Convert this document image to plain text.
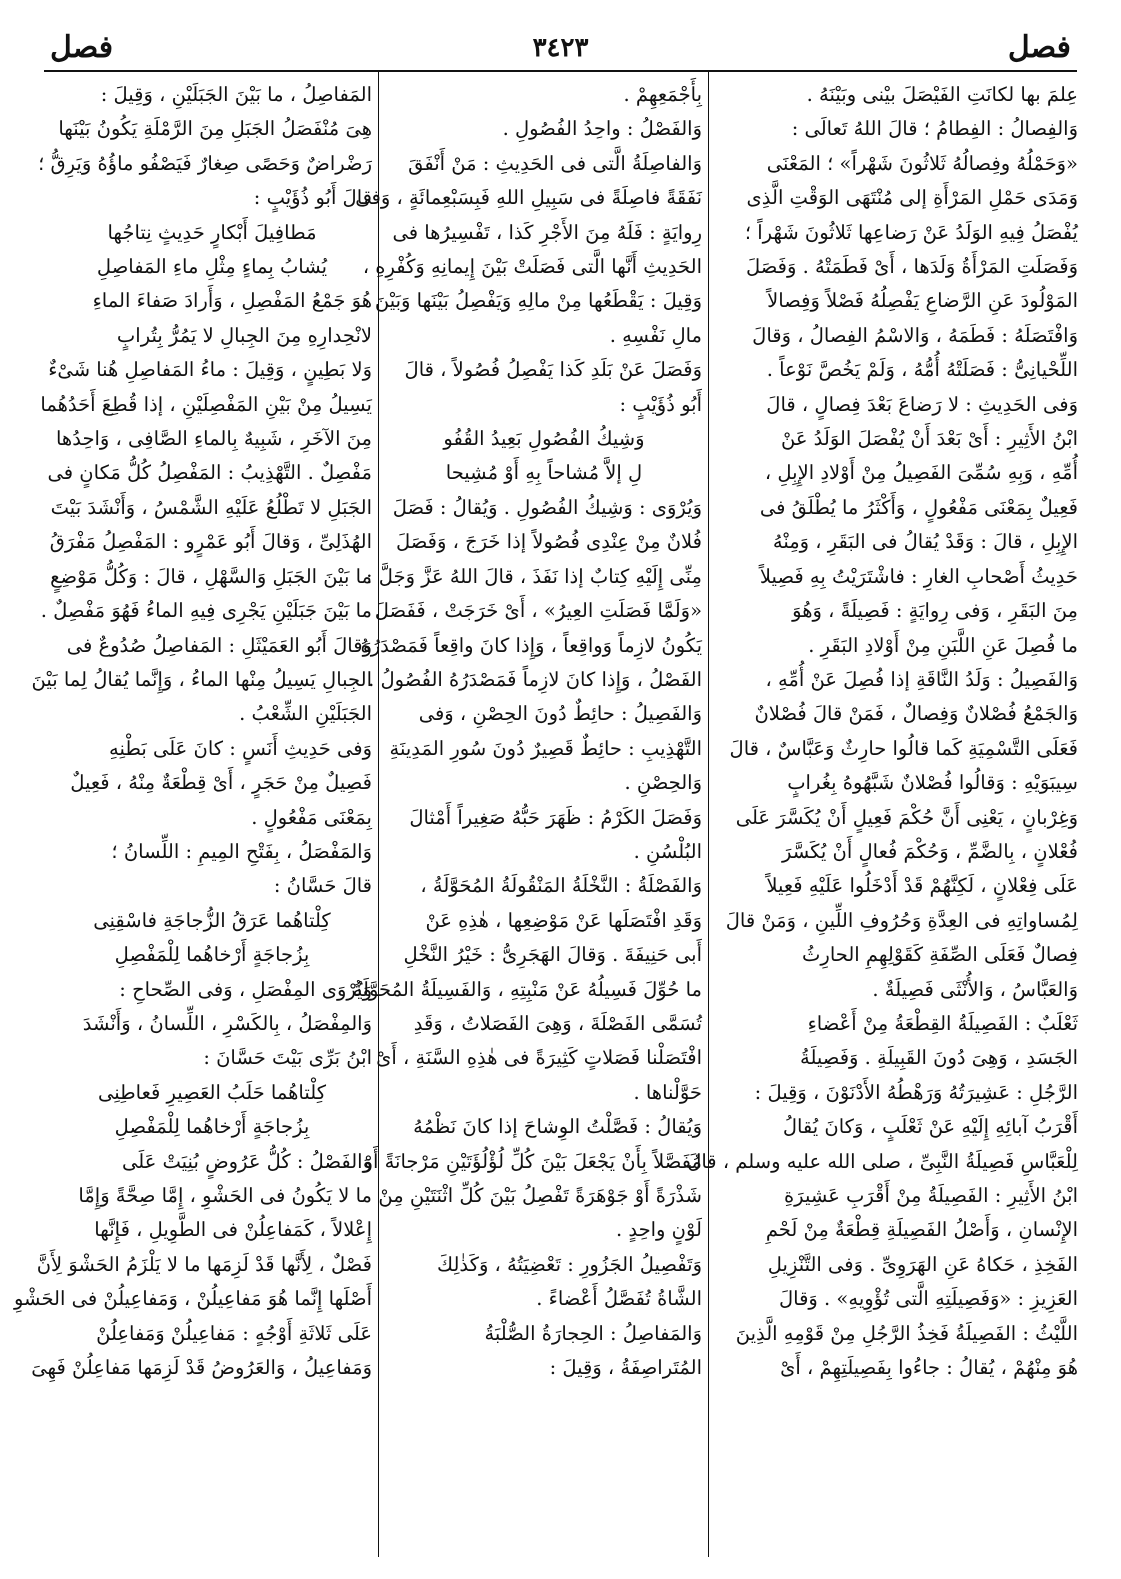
فصل
٣٤٢٣
فصل
عِلمَ بها لكانَتِ الفَيْصَلَ بيْنى وبَيْنَهُ .
وَالفِصالُ : الفِطامُ ؛ قالَ اللهُ تَعالَى :
«وَحَمْلُهُ وفِصالُهُ ثَلاثُونَ شَهْراً» ؛ المَعْنَى
وَمَدَى حَمْلِ المَرْأَةِ إلى مُنْتَهَى الوَقْتِ الَّذِى
يُفْصَلُ فِيهِ الوَلَدُ عَنْ رَضاعِها ثَلاثُونَ شَهْراً ؛
وَفَصَلَتِ المَرْأَةُ وَلَدَها ، أَىْ فَطَمَتْهُ . وَفَصَلَ
المَوْلُودَ عَنِ الرَّضاعِ يَفْصِلُهُ فَصْلاً وَفِصالاً
وَافْتَصَلَهُ : فَطَمَهُ ، وَالاسْمُ الفِصالُ ، وَقالَ
اللِّحْيانِىُّ : فَصَلَتْهُ أُمُّهُ ، وَلَمْ يَخُصَّ نَوْعاً .
وَفى الحَدِيثِ : لا رَضاعَ بَعْدَ فِصالٍ ، قالَ
ابْنُ الأَثِيرِ : أَىْ بَعْدَ أَنْ يُفْصَلَ الوَلَدُ عَنْ
أُمِّهِ ، وَبِهِ سُمِّىَ الفَصِيلُ مِنْ أَوْلادِ الإِبِلِ ،
فَعِيلٌ بِمَعْنَى مَفْعُولٍ ، وَأَكْثَرُ ما يُطْلَقُ فى
الإِبِلِ ، قالَ : وَقَدْ يُقالُ فى البَقَرِ ، وَمِنْهُ
حَدِيثُ أَصْحابِ الغارِ : فاشْتَرَيْتُ بِهِ فَصِيلاً
مِنَ البَقَرِ ، وَفى رِوايَةٍ : فَصِيلَةً ، وَهُوَ
ما فُصِلَ عَنِ اللَّبَنِ مِنْ أَوْلادِ البَقَرِ .
وَالفَصِيلُ : وَلَدُ النَّاقَةِ إذا فُصِلَ عَنْ أُمِّهِ ،
وَالجَمْعُ فُصْلانٌ وَفِصالٌ ، فَمَنْ قالَ فُصْلانٌ
فَعَلَى التَّسْمِيَةِ كَما قالُوا حارِثٌ وَعَبَّاسٌ ، قالَ
سِيبَوَيْهِ : وَقالُوا فُصْلانٌ شَبَّهُوهُ بِغُرابٍ
وَغِرْبانٍ ، يَعْنِى أَنَّ حُكْمَ فَعِيلٍ أَنْ يُكَسَّرَ عَلَى
فُعْلانٍ ، بِالضَّمِّ ، وَحُكْمَ فُعالٍ أَنْ يُكَسَّرَ
عَلَى فِعْلانٍ ، لَكِنَّهُمْ قَدْ أَدْخَلُوا عَلَيْهِ فَعِيلاً
لِمُساواتِهِ فى العِدَّةِ وَحُرُوفِ اللِّينِ ، وَمَنْ قالَ
فِصالٌ فَعَلَى الصِّفَةِ كَقَوْلِهِمِ الحارِثُ
وَالعَبَّاسُ ، وَالأُنْثَى فَصِيلَةٌ .
ثَعْلَبٌ : الفَصِيلَةُ القِطْعَةُ مِنْ أَعْضاءِ
الجَسَدِ ، وَهِىَ دُونَ القَبِيلَةِ . وَفَصِيلَةُ
الرَّجُلِ : عَشِيرَتُهُ وَرَهْطُهُ الأَدْنَوْنَ ، وَقِيلَ :
أَقْرَبُ آبائِهِ إِلَيْهِ عَنْ ثَعْلَبٍ ، وَكانَ يُقالُ
لِلْعَبَّاسِ فَصِيلَةُ النَّبِىِّ ، صلى الله عليه وسلم ، قالَ
ابْنُ الأَثِيرِ : الفَصِيلَةُ مِنْ أَقْرَبِ عَشِيرَةِ
الإِنْسانِ ، وَأَصْلُ الفَصِيلَةِ قِطْعَةٌ مِنْ لَحْمِ
الفَخِذِ ، حَكاهُ عَنِ الهَرَوِىِّ . وَفى التَّنْزِيلِ
العَزِيزِ : «وَفَصِيلَتِهِ الَّتى تُؤْوِيهِ» . وَقالَ
اللَّيْثُ : الفَصِيلَةُ فَخِذُ الرَّجُلِ مِنْ قَوْمِهِ الَّذِينَ
هُوَ مِنْهُمْ ، يُقالُ : جاءُوا بِفَصِيلَتِهِمْ ، أَىْ
بِأَجْمَعِهِمْ .
وَالفَصْلُ : واحِدُ الفُصُولِ .
وَالفاصِلَةُ الَّتى فى الحَدِيثِ : مَنْ أَنْفَقَ
نَفَقَةً فاصِلَةً فى سَبِيلِ اللهِ فَبِسَبْعِمائَةٍ ، وَفى
رِوايَةٍ : فَلَهُ مِنَ الأَجْرِ كَذا ، تَفْسِيرُها فى
الحَدِيثِ أَنَّها الَّتى فَصَلَتْ بَيْنَ إِيمانِهِ وَكُفْرِهِ ،
وَقِيلَ : يَقْطَعُها مِنْ مالِهِ وَيَفْصِلُ بَيْنَها وَبَيْنَ
مالِ نَفْسِهِ .
وَفَصَلَ عَنْ بَلَدِ كَذا يَفْصِلُ فُصُولاً ، قالَ
أَبُو ذُؤَيْبٍ :
وَشِيكُ الفُصُولِ بَعِيدُ القُفُو
لِ إلاَّ مُشاحاً بِهِ أَوْ مُشِيحا
وَيُرْوَى : وَشِيكُ الفُصُولِ . وَيُقالُ : فَصَلَ
فُلانٌ مِنْ عِنْدِى فُصُولاً إذا خَرَجَ ، وَفَصَلَ
مِنِّى إِلَيْهِ كِتابٌ إذا نَفَذَ ، قالَ اللهُ عَزَّ وَجَلَّ :
«وَلَمَّا فَصَلَتِ العِيرُ» ، أَىْ خَرَجَتْ ، فَفَصَلَ
يَكُونُ لازِماً وَواقِعاً ، وَإِذا كانَ واقِعاً فَمَصْدَرُهُ
الفَصْلُ ، وَإِذا كانَ لازِماً فَمَصْدَرُهُ الفُصُولُ .
وَالفَصِيلُ : حائِطٌ دُونَ الحِصْنِ ، وَفى
التَّهْذِيبِ : حائِطٌ قَصِيرٌ دُونَ سُورِ المَدِينَةِ
وَالحِصْنِ .
وَفَصَلَ الكَرْمُ : ظَهَرَ حَبُّهُ صَغِيراً أَمْثالَ
البُلْسُنِ .
وَالفَصْلَةُ : النَّخْلَةُ المَنْقُولَةُ المُحَوَّلَةُ ،
وَقَدِ افْتَصَلَها عَنْ مَوْضِعِها ، هٰذِهِ عَنْ
أَبى حَنِيفَةَ . وَقالَ الهَجَرِىُّ : خَيْرُ النَّخْلِ
ما حُوِّلَ فَسِيلُهُ عَنْ مَنْبِتِهِ ، وَالفَسِيلَةُ المُحَوَّلَةُ
تُسَمَّى الفَصْلَةَ ، وَهِىَ الفَصَلاتُ ، وَقَدِ
افْتَصَلْنا فَصَلاتٍ كَثِيرَةً فى هٰذِهِ السَّنَةِ ، أَىْ
حَوَّلْناها .
وَيُقالُ : فَصَّلْتُ الوِشاحَ إذا كانَ نَظْمُهُ
مُفَصَّلاً بِأَنْ يَجْعَلَ بَيْنَ كُلِّ لُؤْلُؤَتَيْنِ مَرْجانَةً أَوْ
شَذْرَةً أَوْ جَوْهَرَةً تَفْصِلُ بَيْنَ كُلِّ اثْنَتَيْنِ مِنْ
لَوْنٍ واحِدٍ .
وَتَفْصِيلُ الجَزُورِ : تَعْضِيَتُهُ ، وَكَذٰلِكَ
الشَّاةُ تُفَصَّلُ أَعْضاءً .
وَالمَفاصِلُ : الحِجارَةُ الصُّلْبَةُ
المُتَراصِفَةُ ، وَقِيلَ :
المَفاصِلُ ، ما بَيْنَ الجَبَلَيْنِ ، وَقِيلَ :
هِىَ مُنْفَصَلُ الجَبَلِ مِنَ الرَّمْلَةِ يَكُونُ بَيْنَها
رَضْراضٌ وَحَصًى صِغارٌ فَيَصْفُو ماؤُهُ وَيَرِقُّ ؛
قالَ أَبُو ذُؤَيْبٍ :
مَطافِيلَ أَبْكارٍ حَدِيثٍ نِتاجُها
يُشابُ بِماءٍ مِثْلِ ماءِ المَفاصِلِ
هُوَ جَمْعُ المَفْصِلِ ، وَأَرادَ صَفاءَ الماءِ
لانْحِدارِهِ مِنَ الجِبالِ لا يَمُرُّ بِتُرابٍ
وَلا بَطِينٍ ، وَقِيلَ : ماءُ المَفاصِلِ هُنا شَىْءٌ
يَسِيلُ مِنْ بَيْنِ المَفْصِلَيْنِ ، إذا قُطِعَ أَحَدُهُما
مِنَ الآخَرِ ، شَبِيهٌ بِالماءِ الصَّافِى ، وَاحِدُها
مَفْصِلٌ . التَّهْذِيبُ : المَفْصِلُ كُلُّ مَكانٍ فى
الجَبَلِ لا تَطْلُعُ عَلَيْهِ الشَّمْسُ ، وَأَنْشَدَ بَيْتَ
الهُذَلِىِّ ، وَقالَ أَبُو عَمْرٍو : المَفْصِلُ مَفْرَقُ
ما بَيْنَ الجَبَلِ وَالسَّهْلِ ، قالَ : وَكُلُّ مَوْضِعٍ
ما بَيْنَ جَبَلَيْنِ يَجْرِى فِيهِ الماءُ فَهُوَ مَفْصِلٌ .
وَقالَ أَبُو العَمَيْثَلِ : المَفاصِلُ صُدُوعٌ فى
الجِبالِ يَسِيلُ مِنْها الماءُ ، وَإِنَّما يُقالُ لِما بَيْنَ
الجَبَلَيْنِ الشِّعْبُ .
وَفى حَدِيثِ أَنَسٍ : كانَ عَلَى بَطْنِهِ
فَصِيلٌ مِنْ حَجَرٍ ، أَىْ قِطْعَةٌ مِنْهُ ، فَعِيلٌ
بِمَعْنَى مَفْعُولٍ .
وَالمَفْصَلُ ، بِفَتْحِ المِيمِ : اللِّسانُ ؛
قالَ حَسَّانُ :
كِلْتاهُما عَرَقُ الزُّجاجَةِ فاسْقِنِى
بِزُجاجَةٍ أَرْخاهُما لِلْمَفْصِلِ
وَيُرْوَى المِفْصَلِ ، وَفى الصِّحاحِ :
وَالمِفْصَلُ ، بِالكَسْرِ ، اللِّسانُ ، وَأَنْشَدَ
ابْنُ بَرِّى بَيْتَ حَسَّانَ :
كِلْتاهُما حَلَبُ العَصِيرِ فَعاطِنِى
بِزُجاجَةٍ أَرْخاهُما لِلْمَفْصِلِ
وَالفَصْلُ : كُلُّ عَرُوضٍ بُنِيَتْ عَلَى
ما لا يَكُونُ فى الحَشْوِ ، إِمَّا صِحَّةً وَإِمَّا
إِعْلالاً ، كَمَفاعِلُنْ فى الطَّوِيلِ ، فَإِنَّها
فَصْلٌ ، لِأَنَّها قَدْ لَزِمَها ما لا يَلْزَمُ الحَشْوَ لِأَنَّ
أَصْلَها إِنَّما هُوَ مَفاعِيلُنْ ، وَمَفاعِيلُنْ فى الحَشْوِ
عَلَى ثَلاثَةِ أَوْجُهٍ : مَفاعِيلُنْ وَمَفاعِلُنْ
وَمَفاعِيلُ ، وَالعَرُوضُ قَدْ لَزِمَها مَفاعِلُنْ فَهِىَ
